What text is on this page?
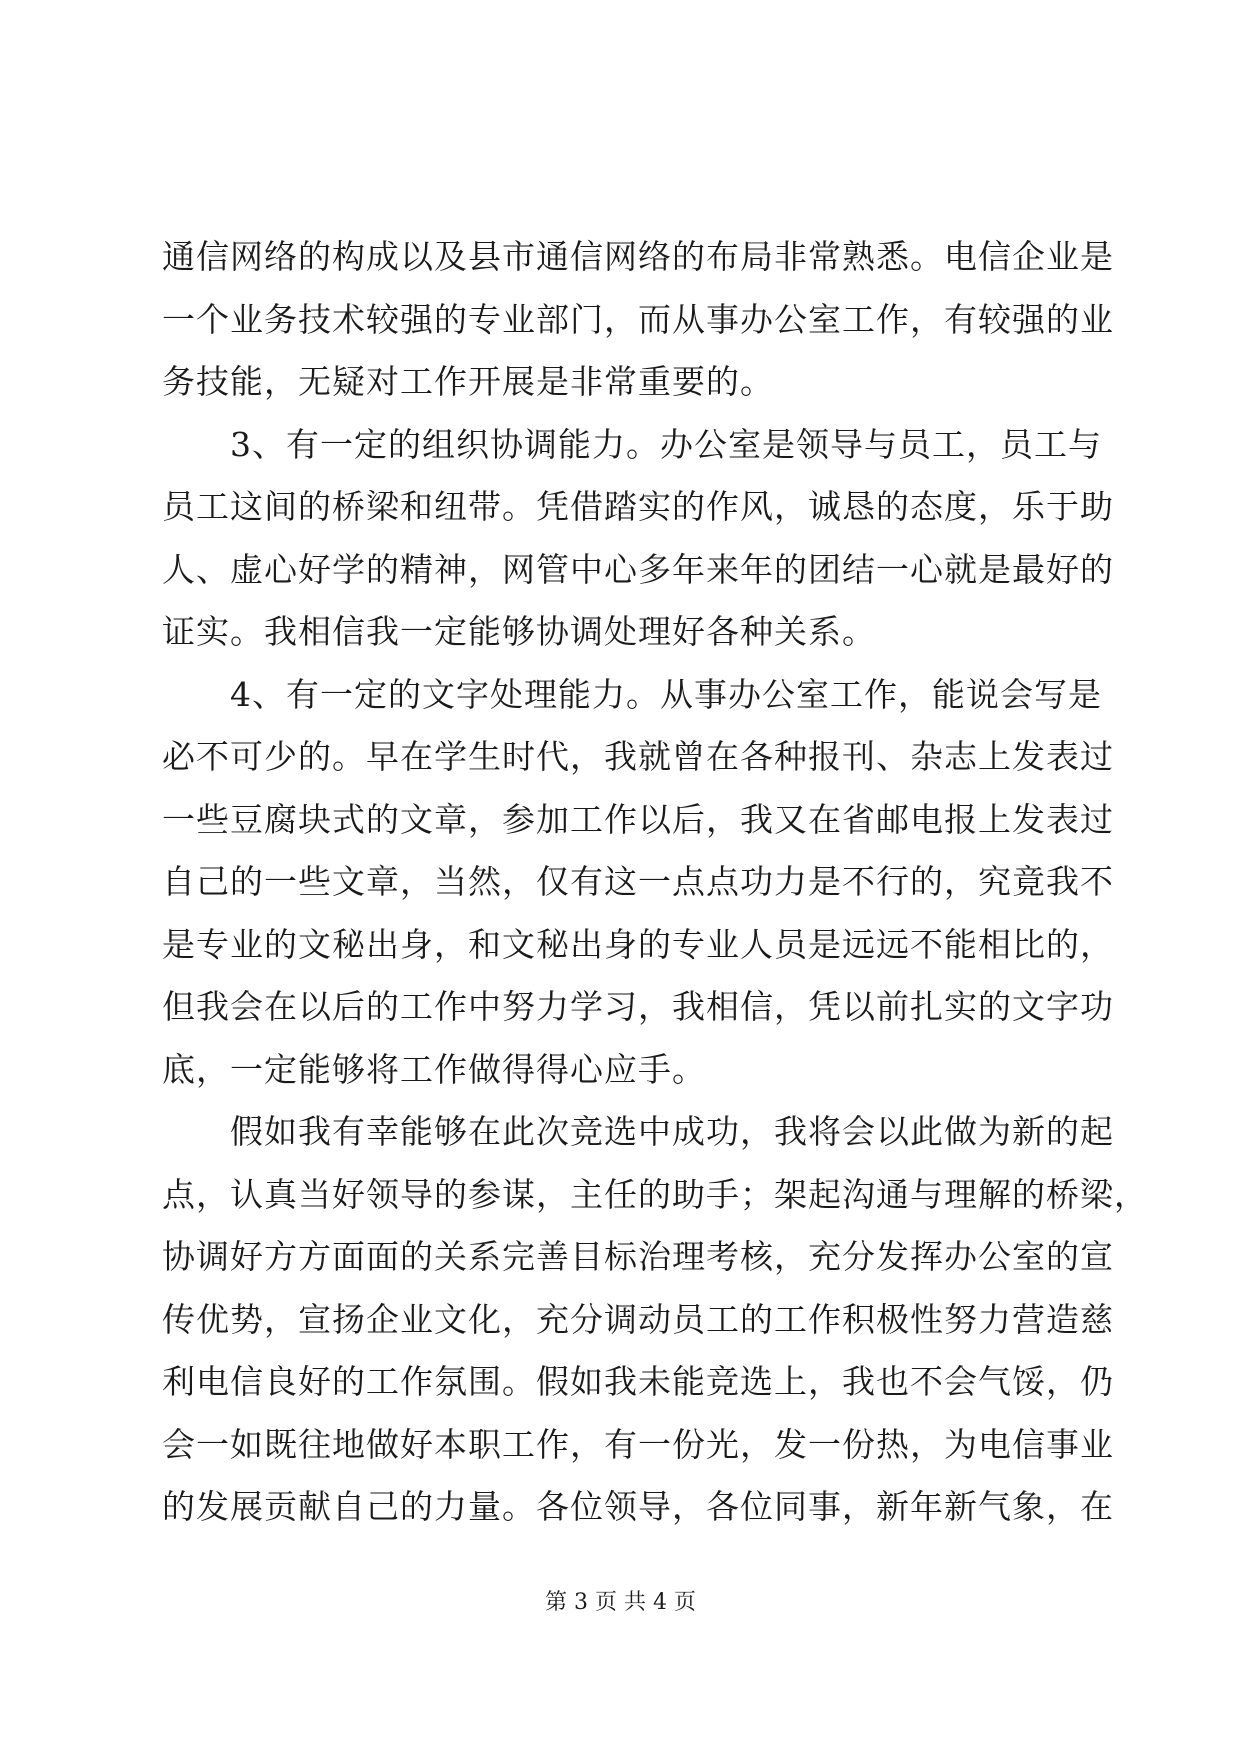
通信网络的构成以及县市通信网络的布局非常熟悉。电信企业是
一个业务技术较强的专业部门，而从事办公室工作，有较强的业
务技能，无疑对工作开展是非常重要的。
　　3、有一定的组织协调能力。办公室是领导与员工，员工与
员工这间的桥梁和纽带。凭借踏实的作风，诚恳的态度，乐于助
人、虚心好学的精神，网管中心多年来年的团结一心就是最好的
证实。我相信我一定能够协调处理好各种关系。
　　4、有一定的文字处理能力。从事办公室工作，能说会写是
必不可少的。早在学生时代，我就曾在各种报刊、杂志上发表过
一些豆腐块式的文章，参加工作以后，我又在省邮电报上发表过
自己的一些文章，当然，仅有这一点点功力是不行的，究竟我不
是专业的文秘出身，和文秘出身的专业人员是远远不能相比的，
但我会在以后的工作中努力学习，我相信，凭以前扎实的文字功
底，一定能够将工作做得得心应手。
　　假如我有幸能够在此次竞选中成功，我将会以此做为新的起
点，认真当好领导的参谋，主任的助手；架起沟通与理解的桥梁，
协调好方方面面的关系完善目标治理考核，充分发挥办公室的宣
传优势，宣扬企业文化，充分调动员工的工作积极性努力营造慈
利电信良好的工作氛围。假如我未能竞选上，我也不会气馁，仍
会一如既往地做好本职工作，有一份光，发一份热，为电信事业
的发展贡献自己的力量。各位领导，各位同事，新年新气象，在
第 3 页 共 4 页
